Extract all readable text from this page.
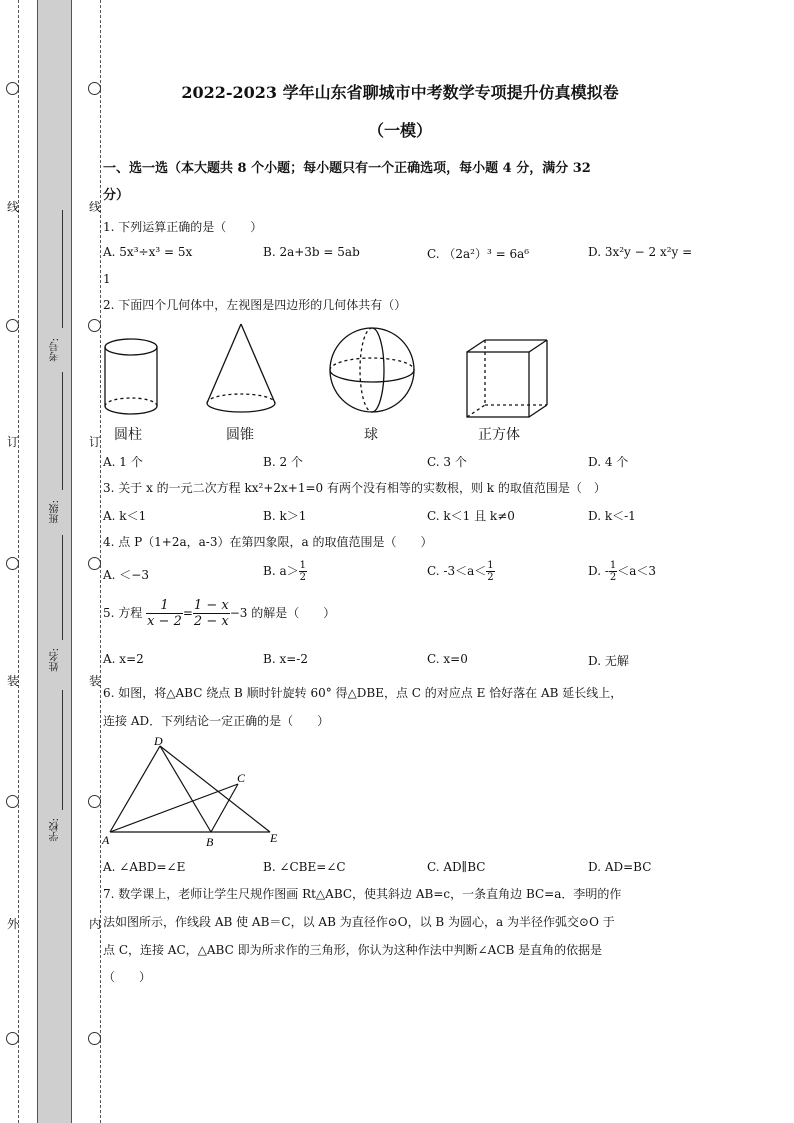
线
订
装
外
线
订
装
内
考号:
班级:
姓名:
学校:
2022-2023 学年山东省聊城市中考数学专项提升仿真模拟卷
（一模）
一、选一选（本大题共 8 个小题；每小题只有一个正确选项，每小题 4 分，满分 32
分）
1. 下列运算正确的是（　　）
A. 5x³÷x³ = 5x	B. 2a+3b = 5ab	C. （2a²）³ = 6a⁶	D. 3x²y − 2 x²y =
1
2. 下面四个几何体中，左视图是四边形的几何体共有（）
圆柱	圆锥	球	正方体
A. 1 个	B. 2 个	C. 3 个	D. 4 个
3. 关于 x 的一元二次方程 kx²+2x+1=0 有两个没有相等的实数根，则 k 的取值范围是（　）
A. k＜1	B. k＞1	C. k＜1 且 k≠0	D. k＜-1
4. 点 P（1+2a，a-3）在第四象限，a 的取值范围是（　　）
A. ＜−3	B. $a> \frac{1}{2}$	C. $-3<a< \frac{1}{2}$	D. - $\frac{1}{2} <a<3$
5. 方程 $\frac{1}{x - 2} = \frac{1 - x}{2 - x} -3$ 的解是（　　）
A. x=2	B. x=-2	C. x=0	D. 无解
6. 如图，将△ABC 绕点 B 顺时针旋转 60° 得△DBE，点 C 的对应点 E 恰好落在 AB 延长线上，
连接 AD．下列结论一定正确的是（　　）
D
C
A	B	E
A. ∠ABD=∠E	B. ∠CBE=∠C	C. AD∥BC	D. AD=BC
7. 数学课上，老师让学生尺规作图画 Rt△ABC，使其斜边 AB=c，一条直角边 BC=a．李明的作
法如图所示，作线段 AB 使 AB＝C，以 AB 为直径作⊙O，以 B 为圆心，a 为半径作弧交⊙O 于
点 C，连接 AC，△ABC 即为所求作的三角形，你认为这种作法中判断∠ACB 是直角的依据是
（　　）
